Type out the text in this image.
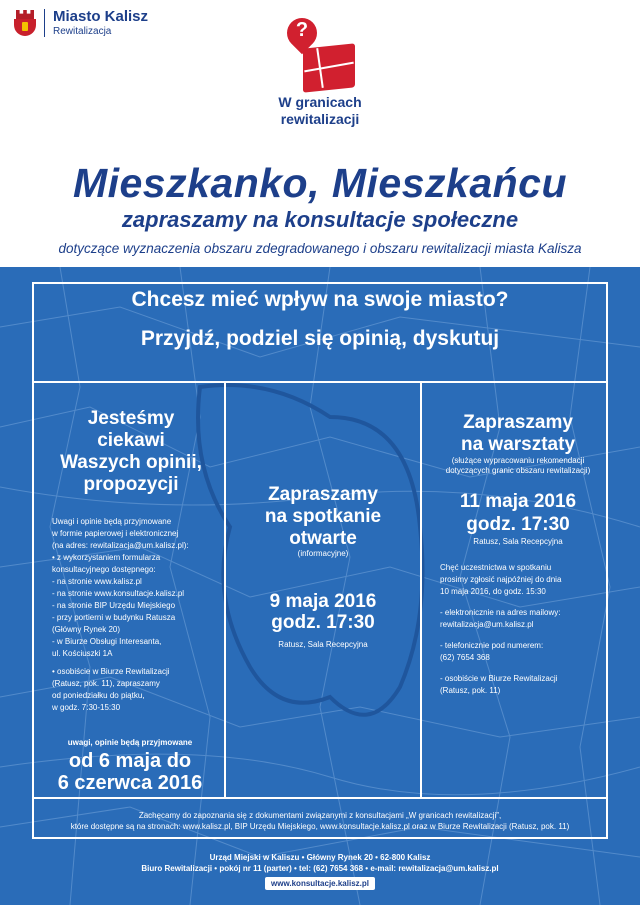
Miasto Kalisz
Rewitalizacja	?
W granicach
rewitalizacji
Mieszkanko, Mieszkańcu
zapraszamy na konsultacje społeczne
dotyczące wyznaczenia obszaru zdegradowanego i obszaru rewitalizacji miasta Kalisza
Chcesz mieć wpływ na swoje miasto?
Przyjdź, podziel się opinią, dyskutuj
Jesteśmy
ciekawi
Waszych opinii,
propozycji

Uwagi i opinie będą przyjmowane

w formie papierowej i elektronicznej

(na adres: rewitalizacja@um.kalisz.pl):

• z wykorzystaniem formularza

konsultacyjnego dostępnego:

- na stronie www.kalisz.pl

- na stronie www.konsultacje.kalisz.pl

- na stronie BIP Urzędu Miejskiego

- przy portierni w budynku Ratusza

(Główny Rynek 20)

- w Biurze Obsługi Interesanta,

ul. Kościuszki 1A

• osobiście w Biurze Rewitalizacji

(Ratusz, pok. 11), zapraszamy

od poniedziałku do piątku,

w godz. 7:30-15:30

uwagi, opinie będą przyjmowane
od 6 maja do
6 czerwca 2016
Zapraszamy
na spotkanie
otwarte
(informacyjne)
9 maja 2016
godz. 17:30
Ratusz, Sala Recepcyjna
Zapraszamy
na warsztaty
(służące wypracowaniu rekomendacji
dotyczących granic obszaru rewitalizacji)
11 maja 2016
godz. 17:30
Ratusz, Sala Recepcyjna

Chęć uczestnictwa w spotkaniu

prosimy zgłosić najpóźniej do dnia

10 maja 2016, do godz. 15:30

- elektronicznie na adres mailowy:

rewitalizacja@um.kalisz.pl

- telefonicznie pod numerem:

(62) 7654 368

- osobiście w Biurze Rewitalizacji

(Ratusz, pok. 11)

Zachęcamy do zapoznania się z dokumentami związanymi z konsultacjami „W granicach rewitalizacji”,
które dostępne są na stronach: www.kalisz.pl, BIP Urzędu Miejskiego, www.konsultacje.kalisz.pl oraz w Biurze Rewitalizacji (Ratusz, pok. 11)
Urząd Miejski w Kaliszu • Główny Rynek 20 • 62-800 Kalisz
Biuro Rewitalizacji • pokój nr 11 (parter) • tel: (62) 7654 368 • e-mail: rewitalizacja@um.kalisz.pl
www.konsultacje.kalisz.pl
